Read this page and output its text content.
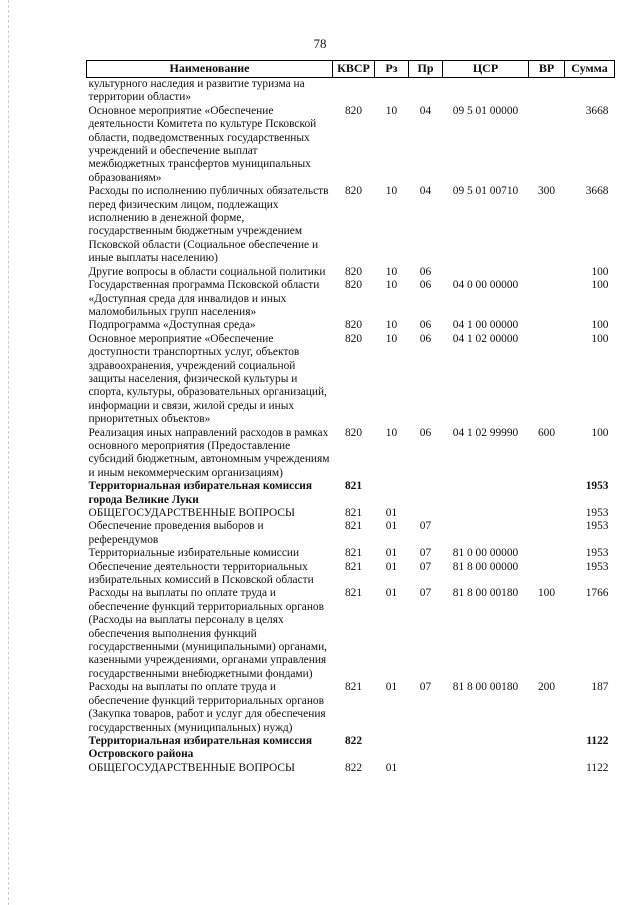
78
Наименование	КВСР	Рз	Пр	ЦСР	ВР	Сумма
культурного наследия и развитие туризма на территории области»						
Основное мероприятие «Обеспечение деятельности Комитета по культуре Псковской области, подведомственных государственных учреждений и обеспечение выплат межбюджетных трансфертов муниципальных образованиям»	820	10	04	09 5 01 00000		3668
Расходы по исполнению публичных обязательств перед физическим лицом, подлежащих исполнению в денежной форме, государственным бюджетным учреждением Псковской области (Социальное обеспечение и иные выплаты населению)	820	10	04	09 5 01 00710	300	3668
Другие вопросы в области социальной политики	820	10	06			100
Государственная программа Псковской области «Доступная среда для инвалидов и иных маломобильных групп населения»	820	10	06	04 0 00 00000		100
Подпрограмма «Доступная среда»	820	10	06	04 1 00 00000		100
Основное мероприятие «Обеспечение доступности транспортных услуг, объектов здравоохранения, учреждений социальной защиты населения, физической культуры и спорта, культуры, образовательных организаций, информации и связи, жилой среды и иных приоритетных объектов»	820	10	06	04 1 02 00000		100
Реализация иных направлений расходов в рамках основного мероприятия (Предоставление субсидий бюджетным, автономным учреждениям и иным некоммерческим организациям)	820	10	06	04 1 02 99990	600	100
Территориальная избирательная комиссия города Великие Луки	821					1953
ОБЩЕГОСУДАРСТВЕННЫЕ ВОПРОСЫ	821	01				1953
Обеспечение проведения выборов и референдумов	821	01	07			1953
Территориальные избирательные комиссии	821	01	07	81 0 00 00000		1953
Обеспечение деятельности территориальных избирательных комиссий в Псковской области	821	01	07	81 8 00 00000		1953
Расходы на выплаты по оплате труда и обеспечение функций территориальных органов (Расходы на выплаты персоналу в целях обеспечения выполнения функций государственными (муниципальными) органами, казенными учреждениями, органами управления государственными внебюджетными фондами)	821	01	07	81 8 00 00180	100	1766
Расходы на выплаты по оплате труда и обеспечение функций территориальных органов (Закупка товаров, работ и услуг для обеспечения государственных (муниципальных) нужд)	821	01	07	81 8 00 00180	200	187
Территориальная избирательная комиссия Островского района	822					1122
ОБЩЕГОСУДАРСТВЕННЫЕ ВОПРОСЫ	822	01				1122
